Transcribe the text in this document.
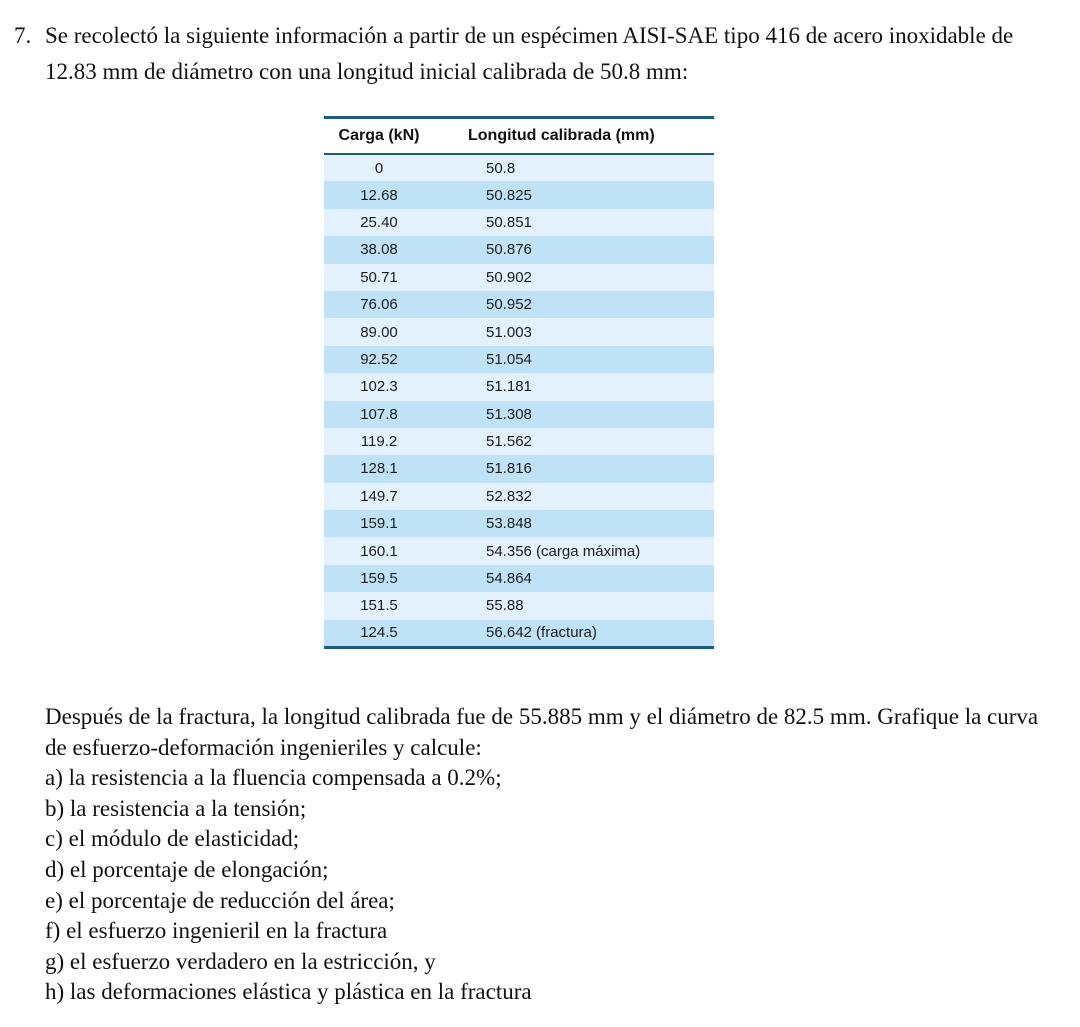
7. Se recolectó la siguiente información a partir de un espécimen AISI-SAE tipo 416 de acero inoxidable de 12.83 mm de diámetro con una longitud inicial calibrada de 50.8 mm:
Carga (kN)	Longitud calibrada (mm)
0	50.8
12.68	50.825
25.40	50.851
38.08	50.876
50.71	50.902
76.06	50.952
89.00	51.003
92.52	51.054
102.3	51.181
107.8	51.308
119.2	51.562
128.1	51.816
149.7	52.832
159.1	53.848
160.1	54.356 (carga máxima)
159.5	54.864
151.5	55.88
124.5	56.642 (fractura)

Después de la fractura, la longitud calibrada fue de 55.885 mm y el diámetro de 82.5 mm. Grafique la curva de esfuerzo-deformación ingenieriles y calcule:

a) la resistencia a la fluencia compensada a 0.2%;
b) la resistencia a la tensión;
c) el módulo de elasticidad;
d) el porcentaje de elongación;
e) el porcentaje de reducción del área;
f) el esfuerzo ingenieril en la fractura
g) el esfuerzo verdadero en la estricción, y
h) las deformaciones elástica y plástica en la fractura
